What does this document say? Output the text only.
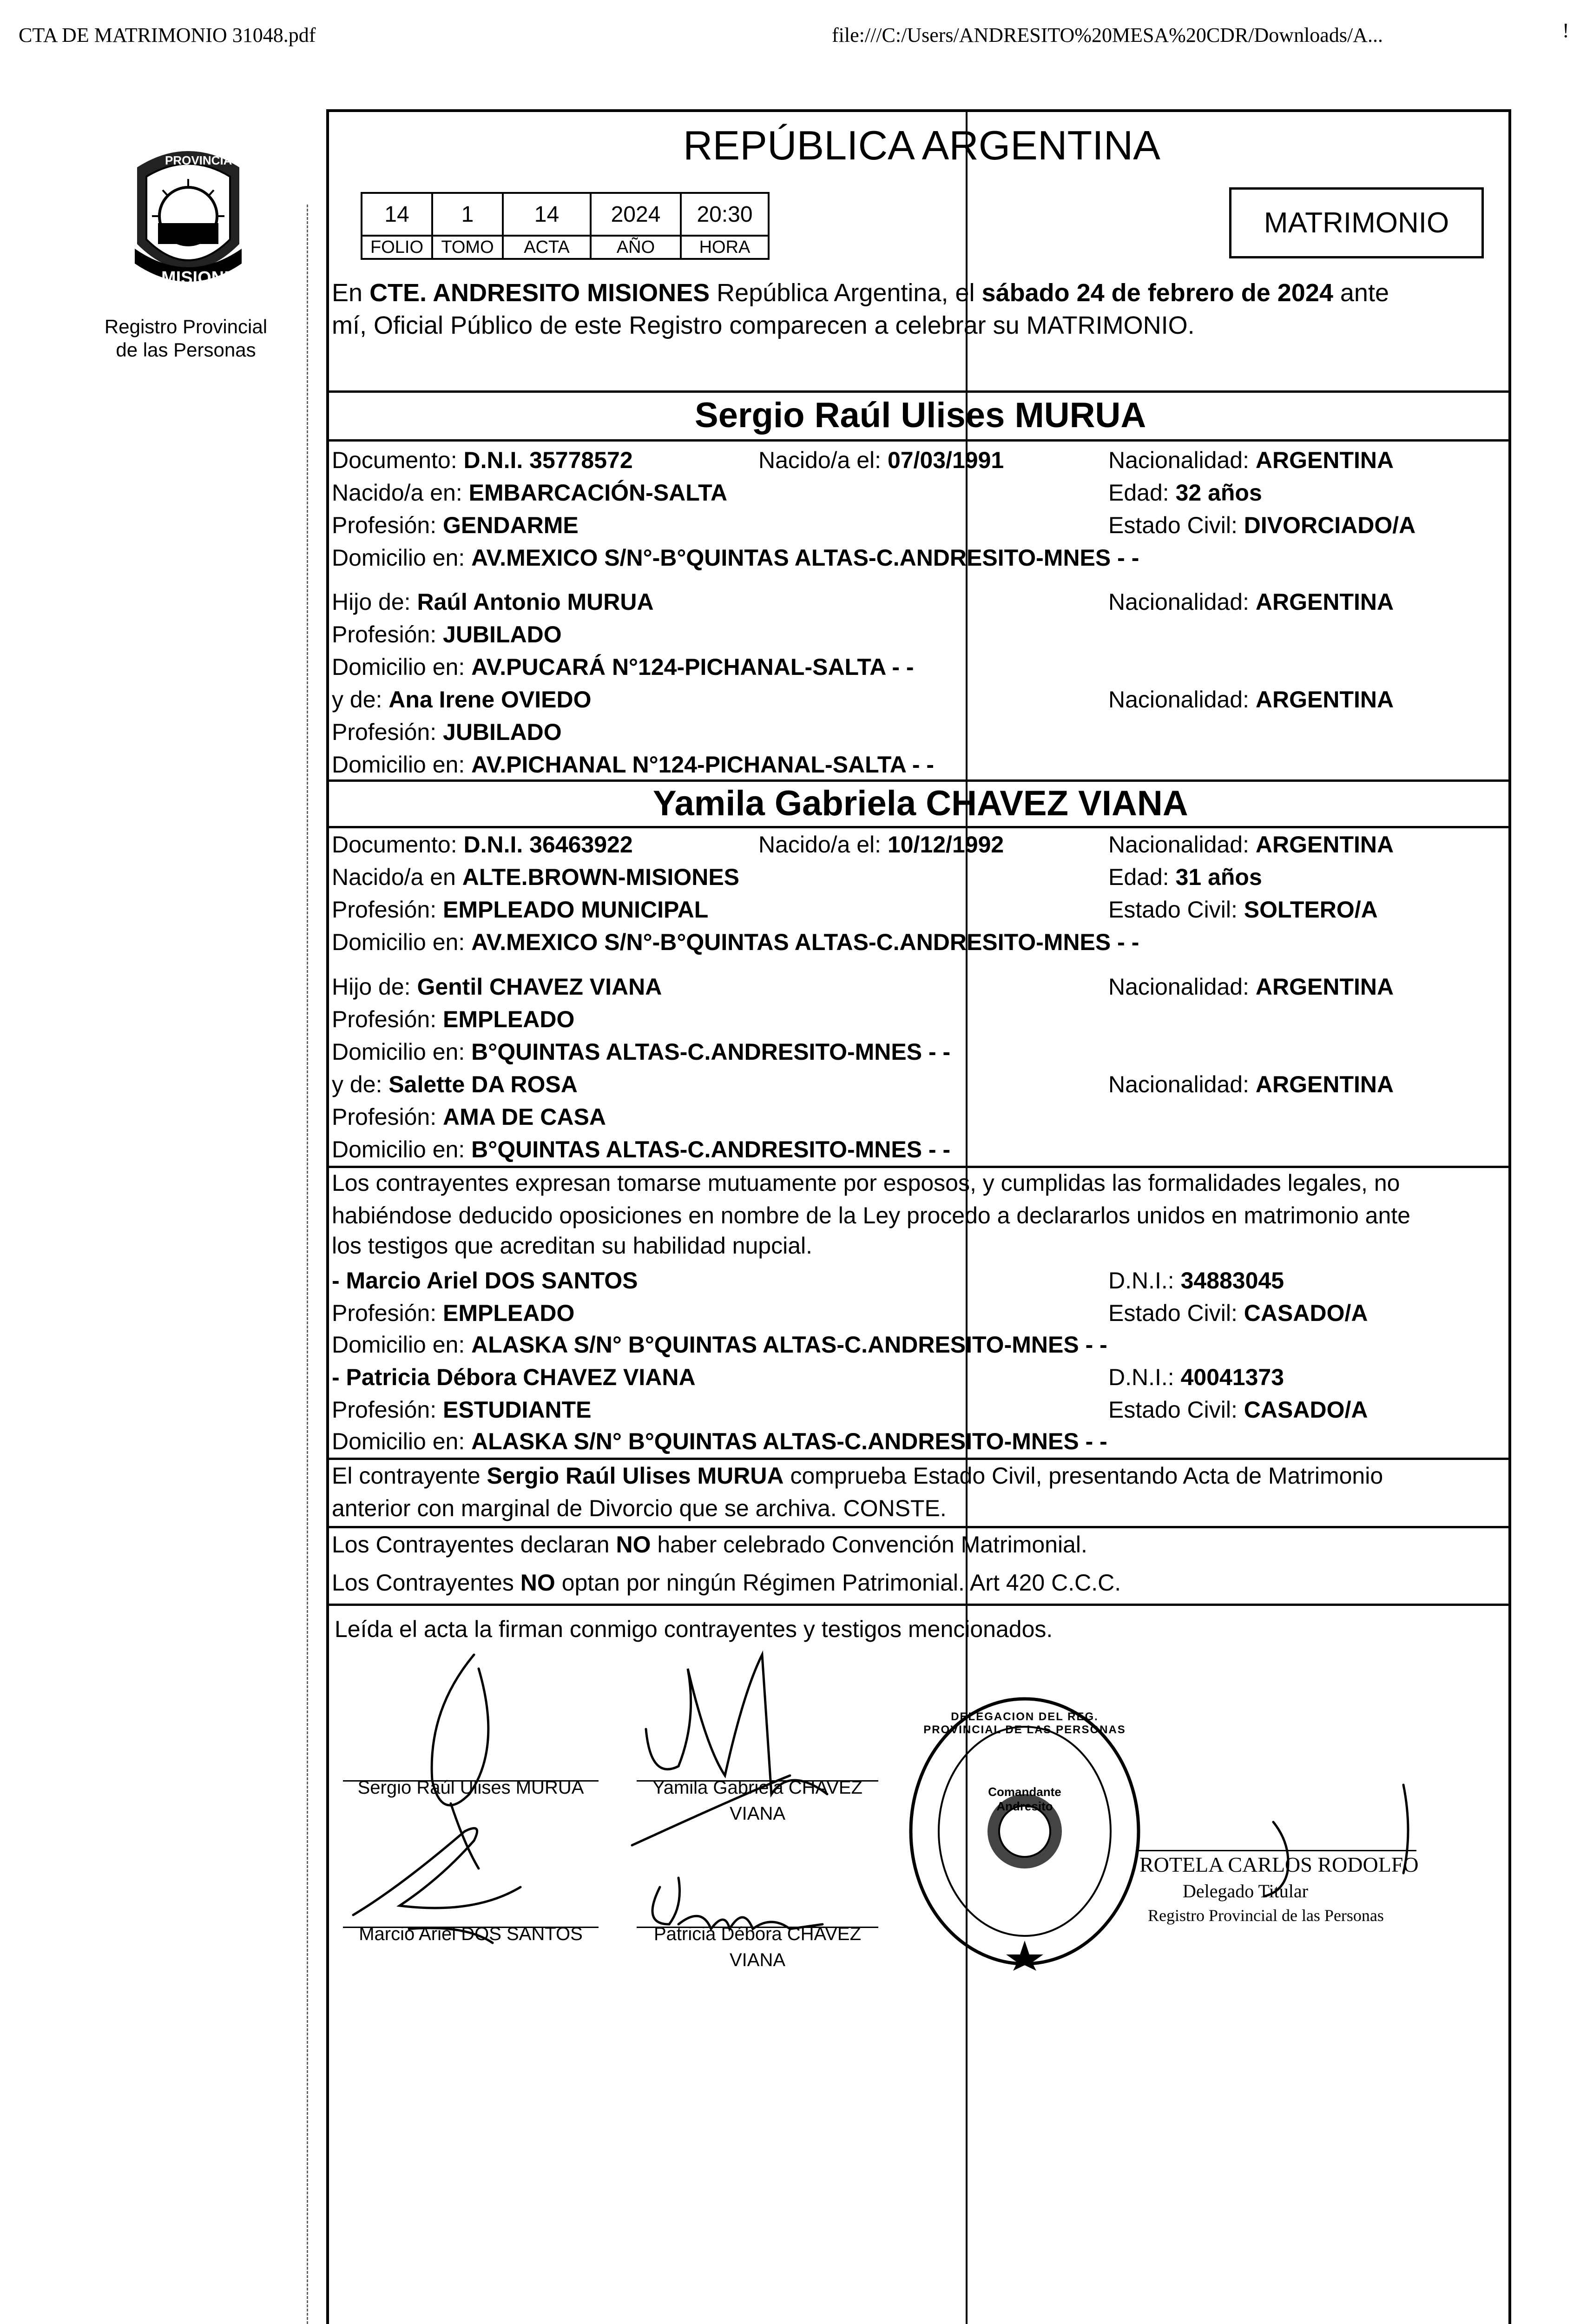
CTA DE MATRIMONIO 31048.pdf	file:///C:/Users/ANDRESITO%20MESA%20CDR/Downloads/A...	!
PROVINCIA DE
MISIONES
Registro Provincial
de las Personas
REPÚBLICA ARGENTINA
14	1	14	2024	20:30
FOLIO	TOMO	ACTA	AÑO	HORA
MATRIMONIO
En CTE. ANDRESITO MISIONES República Argentina, el sábado 24 de febrero de 2024 ante
mí, Oficial Público de este Registro comparecen a celebrar su MATRIMONIO.
Sergio Raúl Ulises MURUA
Documento: D.N.I. 35778572	Nacido/a el: 07/03/1991	Nacionalidad: ARGENTINA
Nacido/a en: EMBARCACIÓN-SALTA	Edad: 32 años
Profesión: GENDARME	Estado Civil: DIVORCIADO/A
Domicilio en: AV.MEXICO S/N°-B°QUINTAS ALTAS-C.ANDRESITO-MNES - -
Hijo de: Raúl Antonio MURUA	Nacionalidad: ARGENTINA
Profesión: JUBILADO
Domicilio en: AV.PUCARÁ N°124-PICHANAL-SALTA - -
y de: Ana Irene OVIEDO	Nacionalidad: ARGENTINA
Profesión: JUBILADO
Domicilio en: AV.PICHANAL N°124-PICHANAL-SALTA - -
Yamila Gabriela CHAVEZ VIANA
Documento: D.N.I. 36463922	Nacido/a el: 10/12/1992	Nacionalidad: ARGENTINA
Nacido/a en ALTE.BROWN-MISIONES	Edad: 31 años
Profesión: EMPLEADO MUNICIPAL	Estado Civil: SOLTERO/A
Domicilio en: AV.MEXICO S/N°-B°QUINTAS ALTAS-C.ANDRESITO-MNES - -
Hijo de: Gentil CHAVEZ VIANA	Nacionalidad: ARGENTINA
Profesión: EMPLEADO
Domicilio en: B°QUINTAS ALTAS-C.ANDRESITO-MNES - -
y de: Salette DA ROSA	Nacionalidad: ARGENTINA
Profesión: AMA DE CASA
Domicilio en: B°QUINTAS ALTAS-C.ANDRESITO-MNES - -
Los contrayentes expresan tomarse mutuamente por esposos, y cumplidas las formalidades legales, no
habiéndose deducido oposiciones en nombre de la Ley procedo a declararlos unidos en matrimonio ante
los testigos que acreditan su habilidad nupcial.
- Marcio Ariel DOS SANTOS	D.N.I.: 34883045
Profesión: EMPLEADO	Estado Civil: CASADO/A
Domicilio en: ALASKA S/N° B°QUINTAS ALTAS-C.ANDRESITO-MNES - -
- Patricia Débora CHAVEZ VIANA	D.N.I.: 40041373
Profesión: ESTUDIANTE	Estado Civil: CASADO/A
Domicilio en: ALASKA S/N° B°QUINTAS ALTAS-C.ANDRESITO-MNES - -
El contrayente Sergio Raúl Ulises MURUA comprueba Estado Civil, presentando Acta de Matrimonio
anterior con marginal de Divorcio que se archiva. CONSTE.
Los Contrayentes declaran NO haber celebrado Convención Matrimonial.
Los Contrayentes NO optan por ningún Régimen Patrimonial. Art 420 C.C.C.
Leída el acta la firman conmigo contrayentes y testigos mencionados.
Sergio Raúl Ulises MURUA	Yamila Gabriela CHAVEZ
VIANA
Marcio Ariel DOS SANTOS	Patricia Débora CHAVEZ
VIANA
Comandante Andresito
DELEGACION DEL REG. PROVINCIAL DE LAS PERSONAS
ROTELA CARLOS RODOLFO
Delegado Titular
Registro Provincial de las Personas
